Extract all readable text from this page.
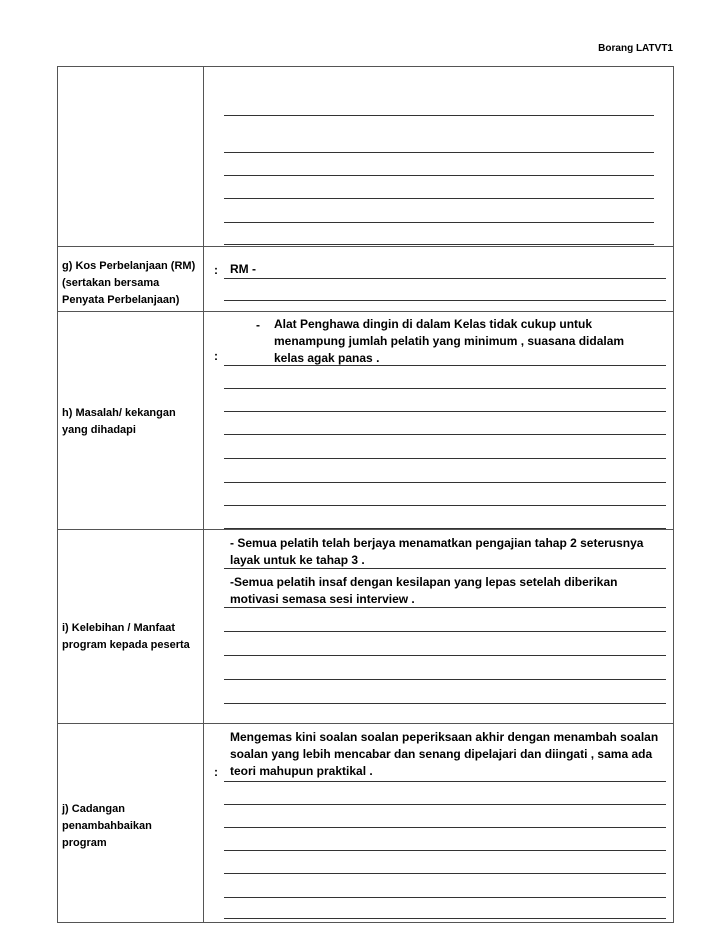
Borang LATVT1
g) Kos Perbelanjaan (RM) (sertakan bersama Penyata Perbelanjaan)
: RM -
h) Masalah/ kekangan yang dihadapi
- Alat Penghawa dingin di dalam Kelas tidak cukup untuk menampung jumlah pelatih yang minimum , suasana didalam kelas agak panas .
:
i) Kelebihan / Manfaat program kepada peserta
- Semua pelatih telah berjaya menamatkan pengajian tahap 2 seterusnya layak untuk ke tahap 3 .
-Semua pelatih insaf dengan kesilapan yang lepas setelah diberikan motivasi semasa sesi interview .
j) Cadangan penambahbaikan program
Mengemas kini soalan soalan peperiksaan akhir dengan menambah soalan soalan yang lebih mencabar dan senang dipelajari dan diingati , sama ada teori mahupun praktikal .
:
